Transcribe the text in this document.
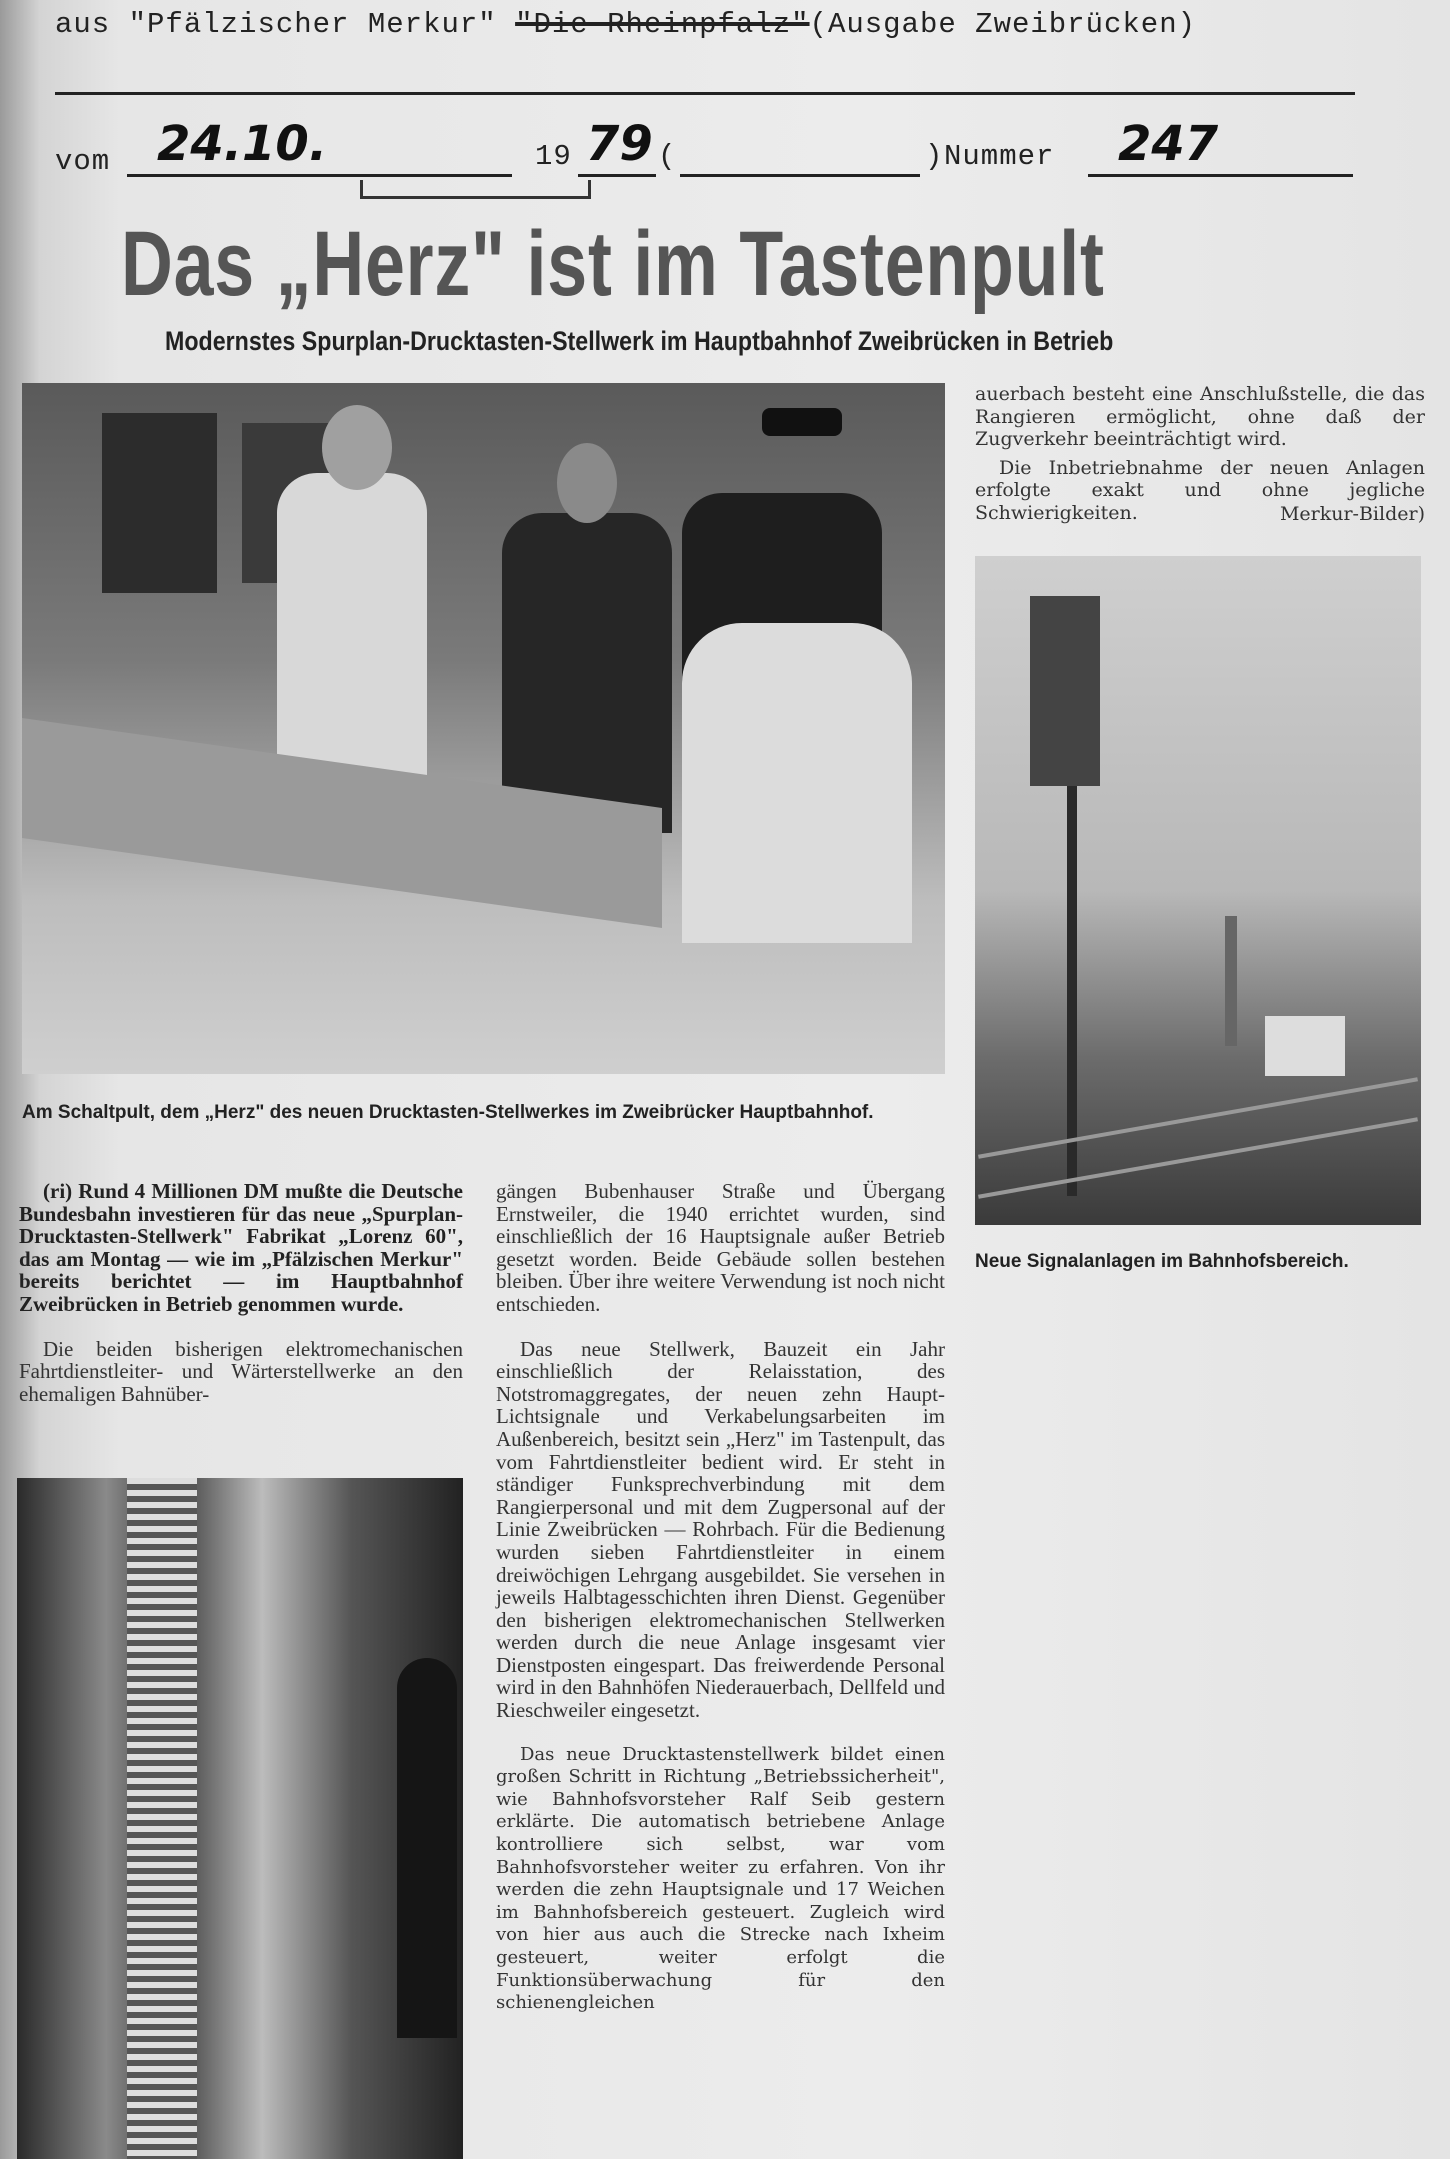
aus "Pfälzischer Merkur" "Die Rheinpfalz"(Ausgabe Zweibrücken)
vom 24.10.	19 79 (	) Nummer 247
Das „Herz" ist im Tastenpult
Modernstes Spurplan-Drucktasten-Stellwerk im Hauptbahnhof Zweibrücken in Betrieb
Am Schaltpult, dem „Herz" des neuen Drucktasten-Stellwerkes im Zweibrücker Hauptbahnhof.

auerbach besteht eine Anschlußstelle, die das Rangieren ermöglicht, ohne daß der Zugverkehr beeinträchtigt wird.

Die Inbetriebnahme der neuen Anlagen erfolgte exakt und ohne jegliche Schwierigkeiten.	Merkur-Bilder)
Neue Signalanlagen im Bahnhofsbereich.

(ri) Rund 4 Millionen DM mußte die Deutsche Bundesbahn investieren für das neue „Spurplan-Drucktasten-Stellwerk" Fabrikat „Lorenz 60", das am Montag — wie im „Pfälzischen Merkur" bereits berichtet — im Hauptbahnhof Zweibrücken in Betrieb genommen wurde.

Die beiden bisherigen elektromechanischen Fahrtdienstleiter- und Wärterstellwerke an den ehemaligen Bahnüber-

gängen Bubenhauser Straße und Übergang Ernstweiler, die 1940 errichtet wurden, sind einschließlich der 16 Hauptsignale außer Betrieb gesetzt worden. Beide Gebäude sollen bestehen bleiben. Über ihre weitere Verwendung ist noch nicht entschieden.

Das neue Stellwerk, Bauzeit ein Jahr einschließlich der Relaisstation, des Notstromaggregates, der neuen zehn Haupt-Lichtsignale und Verkabelungsarbeiten im Außenbereich, besitzt sein „Herz" im Tastenpult, das vom Fahrtdienstleiter bedient wird. Er steht in ständiger Funksprechverbindung mit dem Rangierpersonal und mit dem Zugpersonal auf der Linie Zweibrücken — Rohrbach. Für die Bedienung wurden sieben Fahrtdienstleiter in einem dreiwöchigen Lehrgang ausgebildet. Sie versehen in jeweils Halbtagesschichten ihren Dienst. Gegenüber den bisherigen elektromechanischen Stellwerken werden durch die neue Anlage insgesamt vier Dienstposten eingespart. Das freiwerdende Personal wird in den Bahnhöfen Niederauerbach, Dellfeld und Rieschweiler eingesetzt.

Das neue Drucktastenstellwerk bildet einen großen Schritt in Richtung „Betriebssicherheit", wie Bahnhofsvorsteher Ralf Seib gestern erklärte. Die automatisch betriebene Anlage kontrolliere sich selbst, war vom Bahnhofsvorsteher weiter zu erfahren. Von ihr werden die zehn Hauptsignale und 17 Weichen im Bahnhofsbereich gesteuert. Zugleich wird von hier aus auch die Strecke nach Ixheim gesteuert, weiter erfolgt die Funktionsüberwachung für den schienengleichen
